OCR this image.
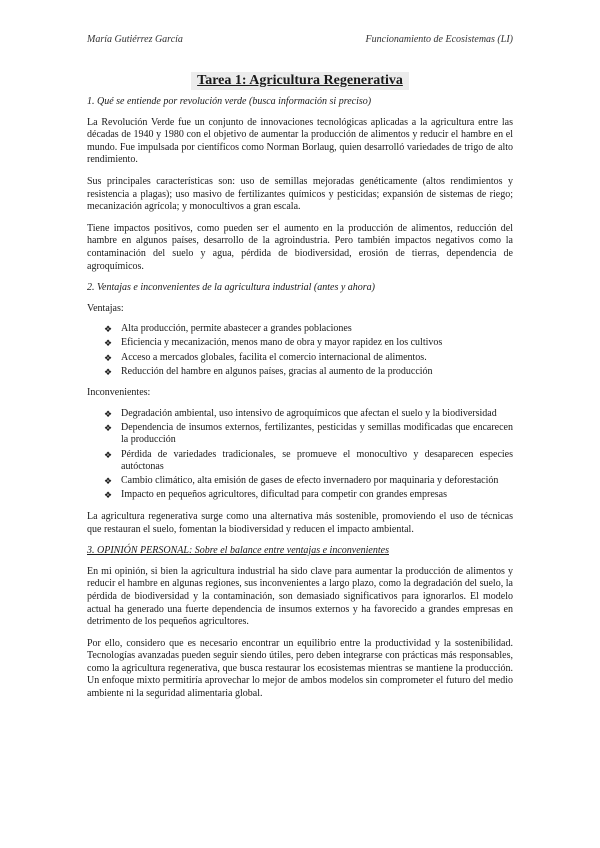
María Gutiérrez García	Funcionamiento de Ecosistemas (LI)
Tarea 1: Agricultura Regenerativa
1. Qué se entiende por revolución verde (busca información si preciso)

La Revolución Verde fue un conjunto de innovaciones tecnológicas aplicadas a la agricultura entre las décadas de 1940 y 1980 con el objetivo de aumentar la producción de alimentos y reducir el hambre en el mundo. Fue impulsada por científicos como Norman Borlaug, quien desarrolló variedades de trigo de alto rendimiento.

Sus principales características son: uso de semillas mejoradas genéticamente (altos rendimientos y resistencia a plagas); uso masivo de fertilizantes químicos y pesticidas; expansión de sistemas de riego; mecanización agrícola; y monocultivos a gran escala.

Tiene impactos positivos, como pueden ser el aumento en la producción de alimentos, reducción del hambre en algunos países, desarrollo de la agroindustria. Pero también impactos negativos como la contaminación del suelo y agua, pérdida de biodiversidad, erosión de tierras, dependencia de agroquímicos.

2. Ventajas e inconvenientes de la agricultura industrial (antes y ahora)
Ventajas:
❖ Alta producción, permite abastecer a grandes poblaciones
❖ Eficiencia y mecanización, menos mano de obra y mayor rapidez en los cultivos
❖ Acceso a mercados globales, facilita el comercio internacional de alimentos.
❖ Reducción del hambre en algunos países, gracias al aumento de la producción
Inconvenientes:
❖ Degradación ambiental, uso intensivo de agroquímicos que afectan el suelo y la biodiversidad
❖ Dependencia de insumos externos, fertilizantes, pesticidas y semillas modificadas que encarecen la producción
❖ Pérdida de variedades tradicionales, se promueve el monocultivo y desaparecen especies autóctonas
❖ Cambio climático, alta emisión de gases de efecto invernadero por maquinaria y deforestación
❖ Impacto en pequeños agricultores, dificultad para competir con grandes empresas

La agricultura regenerativa surge como una alternativa más sostenible, promoviendo el uso de técnicas que restauran el suelo, fomentan la biodiversidad y reducen el impacto ambiental.

3. OPINIÓN PERSONAL: Sobre el balance entre ventajas e inconvenientes

En mi opinión, si bien la agricultura industrial ha sido clave para aumentar la producción de alimentos y reducir el hambre en algunas regiones, sus inconvenientes a largo plazo, como la degradación del suelo, la pérdida de biodiversidad y la contaminación, son demasiado significativos para ignorarlos. El modelo actual ha generado una fuerte dependencia de insumos externos y ha favorecido a grandes empresas en detrimento de los pequeños agricultores.

Por ello, considero que es necesario encontrar un equilibrio entre la productividad y la sostenibilidad. Tecnologías avanzadas pueden seguir siendo útiles, pero deben integrarse con prácticas más responsables, como la agricultura regenerativa, que busca restaurar los ecosistemas mientras se mantiene la producción. Un enfoque mixto permitiría aprovechar lo mejor de ambos modelos sin comprometer el futuro del medio ambiente ni la seguridad alimentaria global.
